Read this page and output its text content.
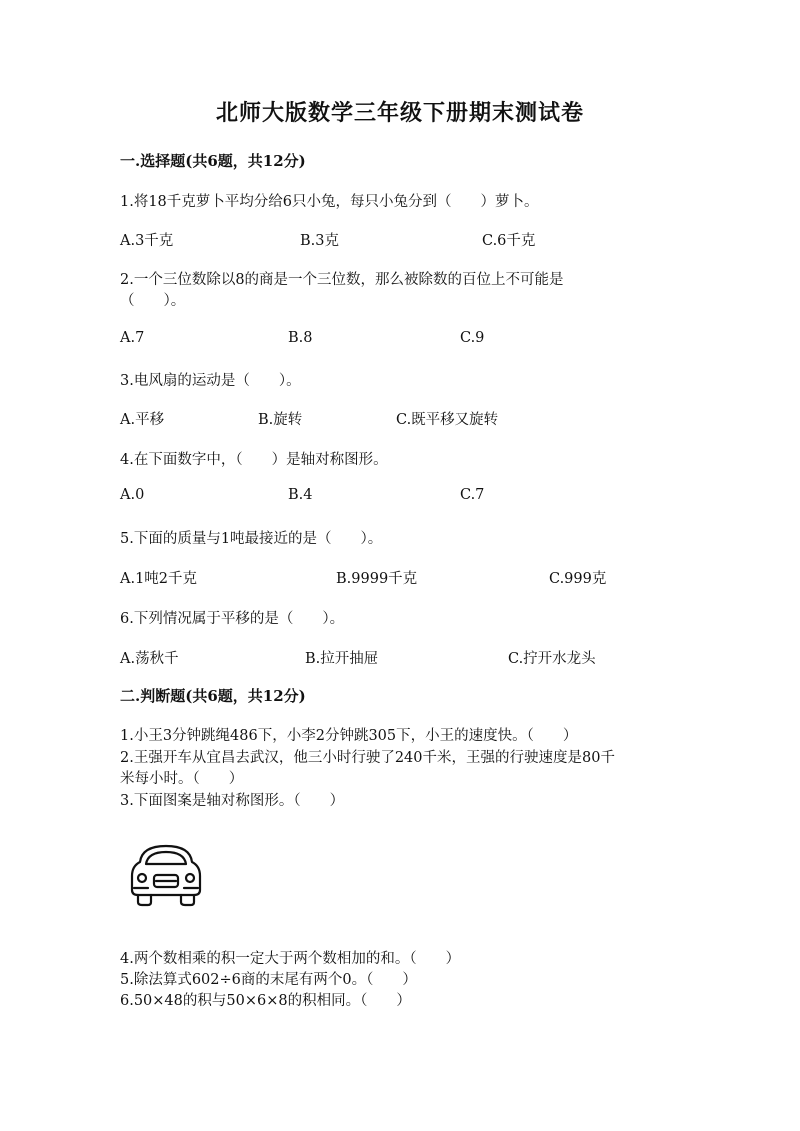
北师大版数学三年级下册期末测试卷
一.选择题(共6题，共12分)
1.将18千克萝卜平均分给6只小兔，每只小兔分到（　　）萝卜。
A.3千克	B.3克	C.6千克
2.一个三位数除以8的商是一个三位数，那么被除数的百位上不可能是
（　　）。
A.7	B.8	C.9
3.电风扇的运动是（　　）。
A.平移	B.旋转	C.既平移又旋转
4.在下面数字中，（　　）是轴对称图形。
A.0	B.4	C.7
5.下面的质量与1吨最接近的是（　　）。
A.1吨2千克	B.9999千克	C.999克
6.下列情况属于平移的是（　　）。
A.荡秋千	B.拉开抽屉	C.拧开水龙头
二.判断题(共6题，共12分)
1.小王3分钟跳绳486下，小李2分钟跳305下，小王的速度快。（　　）
2.王强开车从宜昌去武汉，他三小时行驶了240千米，王强的行驶速度是80千
米每小时。（　　）
3.下面图案是轴对称图形。（　　）
4.两个数相乘的积一定大于两个数相加的和。（　　）
5.除法算式602÷6商的末尾有两个0。（　　）
6.50×48的积与50×6×8的积相同。（　　）
